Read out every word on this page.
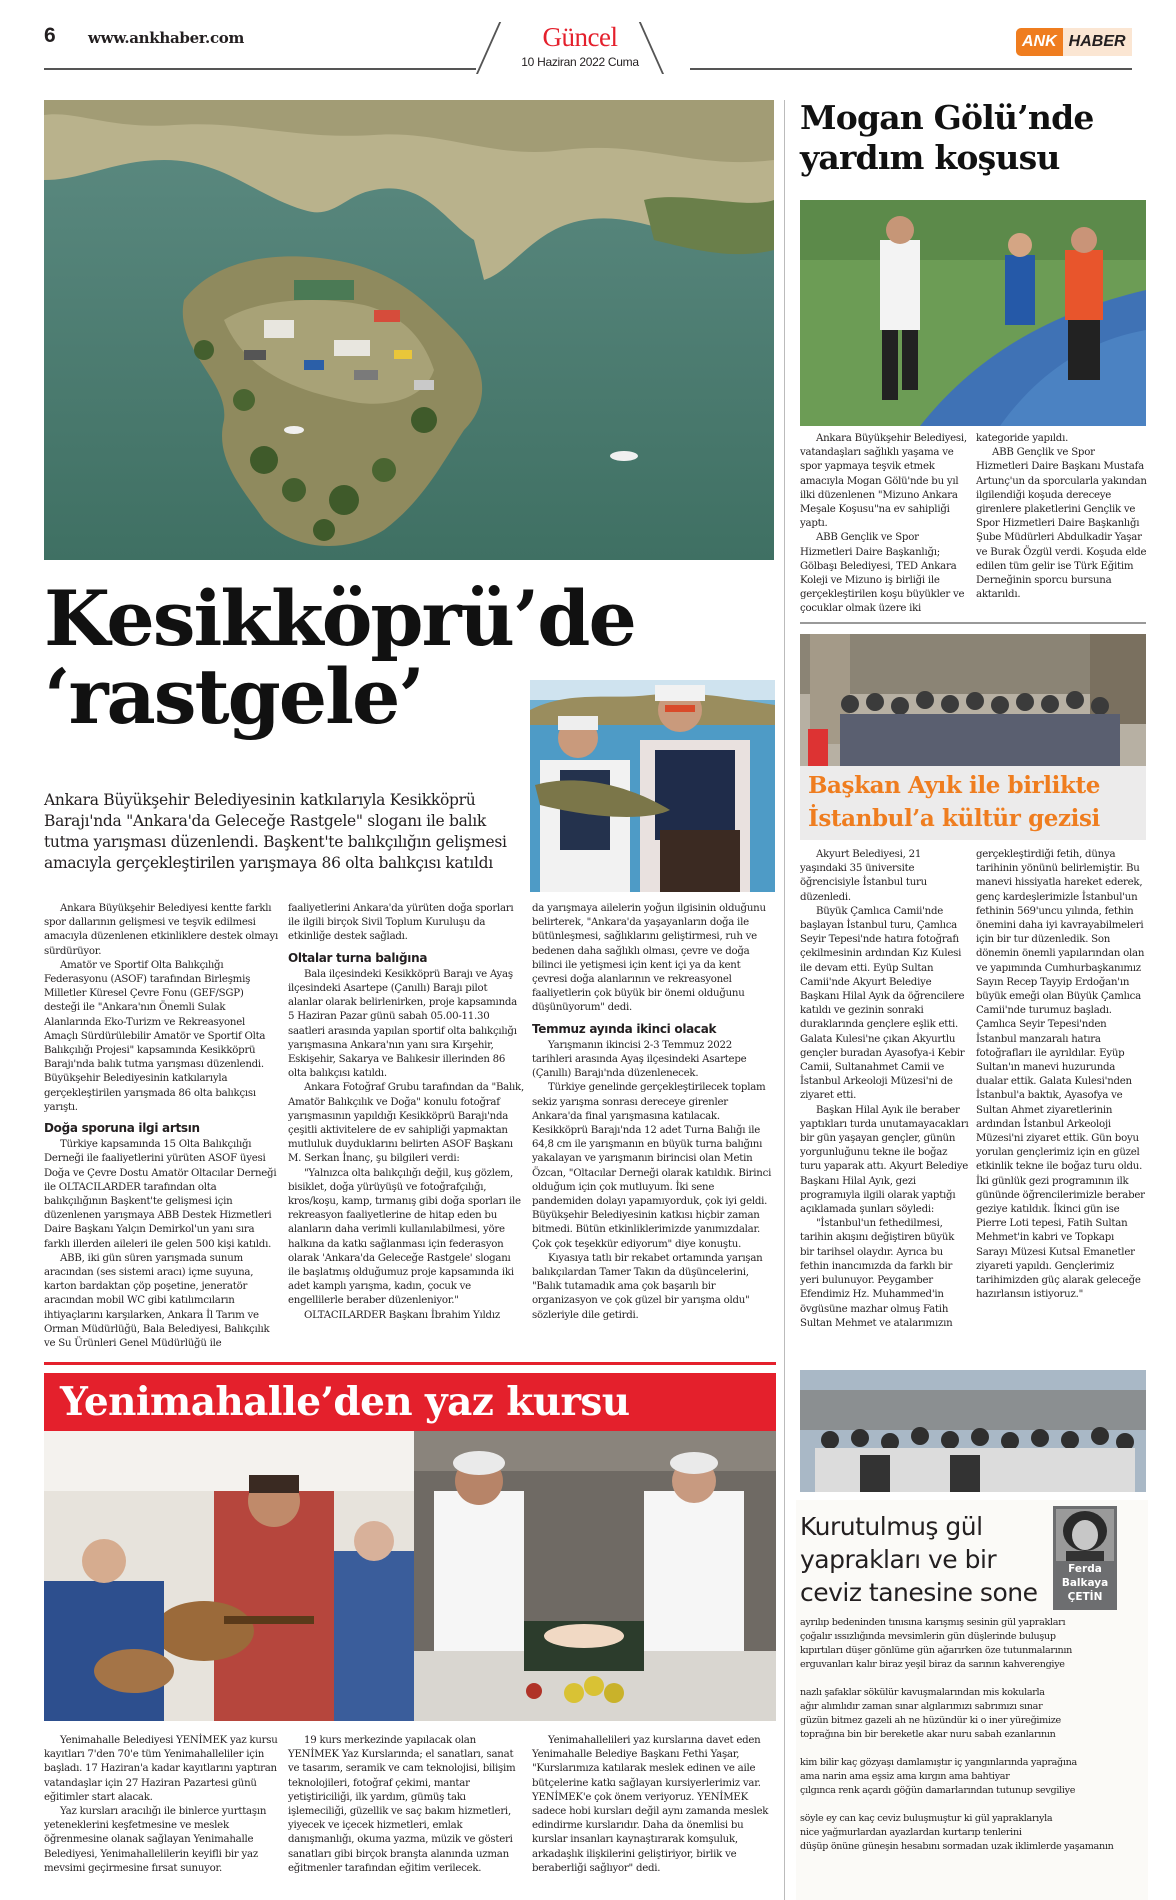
6 www.ankhaber.com	Güncel
10 Haziran 2022 Cuma
ANK HABER
Kesikköprü’de
‘rastgele’
Ankara Büyükşehir Belediyesinin katkılarıyla Kesikköprü Barajı'nda "Ankara'da Geleceğe Rastgele" sloganı ile balık tutma yarışması düzenlendi. Başkent'te balıkçılığın gelişmesi amacıyla gerçekleştirilen yarışmaya 86 olta balıkçısı katıldı

Ankara Büyükşehir Belediyesi kentte farklı spor dallarının gelişmesi ve teşvik edilmesi amacıyla düzenlenen etkinliklere destek olmayı sürdürüyor.

Amatör ve Sportif Olta Balıkçılığı Federasyonu (ASOF) tarafından Birleşmiş Milletler Küresel Çevre Fonu (GEF/SGP) desteği ile "Ankara'nın Önemli Sulak Alanlarında Eko-Turizm ve Rekreasyonel Amaçlı Sürdürülebilir Amatör ve Sportif Olta Balıkçılığı Projesi" kapsamında Kesikköprü Barajı'nda balık tutma yarışması düzenlendi. Büyükşehir Belediyesinin katkılarıyla gerçekleştirilen yarışmada 86 olta balıkçısı yarıştı.

Doğa sporuna ilgi artsın

Türkiye kapsamında 15 Olta Balıkçılığı Derneği ile faaliyetlerini yürüten ASOF üyesi Doğa ve Çevre Dostu Amatör Oltacılar Derneği ile OLTACILARDER tarafından olta balıkçılığının Başkent'te gelişmesi için düzenlenen yarışmaya ABB Destek Hizmetleri Daire Başkanı Yalçın Demirkol'un yanı sıra farklı illerden aileleri ile gelen 500 kişi katıldı.

ABB, iki gün süren yarışmada sunum aracından (ses sistemi aracı) içme suyuna, karton bardaktan çöp poşetine, jeneratör aracından mobil WC gibi katılımcıların ihtiyaçlarını karşılarken, Ankara İl Tarım ve Orman Müdürlüğü, Bala Belediyesi, Balıkçılık ve Su Ürünleri Genel Müdürlüğü ile

faaliyetlerini Ankara'da yürüten doğa sporları ile ilgili birçok Sivil Toplum Kuruluşu da etkinliğe destek sağladı.

Oltalar turna balığına

Bala ilçesindeki Kesikköprü Barajı ve Ayaş ilçesindeki Asartepe (Çanıllı) Barajı pilot alanlar olarak belirlenirken, proje kapsamında 5 Haziran Pazar günü sabah 05.00-11.30 saatleri arasında yapılan sportif olta balıkçılığı yarışmasına Ankara'nın yanı sıra Kırşehir, Eskişehir, Sakarya ve Balıkesir illerinden 86 olta balıkçısı katıldı.

Ankara Fotoğraf Grubu tarafından da "Balık, Amatör Balıkçılık ve Doğa" konulu fotoğraf yarışmasının yapıldığı Kesikköprü Barajı'nda çeşitli aktivitelere de ev sahipliği yapmaktan mutluluk duyduklarını belirten ASOF Başkanı M. Serkan İnanç, şu bilgileri verdi:

"Yalnızca olta balıkçılığı değil, kuş gözlem, bisiklet, doğa yürüyüşü ve fotoğrafçılığı, kros/koşu, kamp, tırmanış gibi doğa sporları ile rekreasyon faaliyetlerine de hitap eden bu alanların daha verimli kullanılabilmesi, yöre halkına da katkı sağlanması için federasyon olarak 'Ankara'da Geleceğe Rastgele' sloganı ile başlatmış olduğumuz proje kapsamında iki adet kamplı yarışma, kadın, çocuk ve engellilerle beraber düzenleniyor."

OLTACILARDER Başkanı İbrahim Yıldız

da yarışmaya ailelerin yoğun ilgisinin olduğunu belirterek, "Ankara'da yaşayanların doğa ile bütünleşmesi, sağlıklarını geliştirmesi, ruh ve bedenen daha sağlıklı olması, çevre ve doğa bilinci ile yetişmesi için kent içi ya da kent çevresi doğa alanlarının ve rekreasyonel faaliyetlerin çok büyük bir önemi olduğunu düşünüyorum" dedi.

Temmuz ayında ikinci olacak

Yarışmanın ikincisi 2-3 Temmuz 2022 tarihleri arasında Ayaş ilçesindeki Asartepe (Çanıllı) Barajı'nda düzenlenecek.

Türkiye genelinde gerçekleştirilecek toplam sekiz yarışma sonrası dereceye girenler Ankara'da final yarışmasına katılacak. Kesikköprü Barajı'nda 12 adet Turna Balığı ile 64,8 cm ile yarışmanın en büyük turna balığını yakalayan ve yarışmanın birincisi olan Metin Özcan, "Oltacılar Derneği olarak katıldık. Birinci olduğum için çok mutluyum. İki sene pandemiden dolayı yapamıyorduk, çok iyi geldi. Büyükşehir Belediyesinin katkısı hiçbir zaman bitmedi. Bütün etkinliklerimizde yanımızdalar. Çok çok teşekkür ediyorum" diye konuştu.

Kıyasıya tatlı bir rekabet ortamında yarışan balıkçılardan Tamer Takın da düşüncelerini, "Balık tutamadık ama çok başarılı bir organizasyon ve çok güzel bir yarışma oldu" sözleriyle dile getirdi.

Yenimahalle’den yaz kursu

Yenimahalle Belediyesi YENİMEK yaz kursu kayıtları 7'den 70'e tüm Yenimahalleliler için başladı. 17 Haziran'a kadar kayıtlarını yaptıran vatandaşlar için 27 Haziran Pazartesi günü eğitimler start alacak.

Yaz kursları aracılığı ile binlerce yurttaşın yeteneklerini keşfetmesine ve meslek öğrenmesine olanak sağlayan Yenimahalle Belediyesi, Yenimahallelilerin keyifli bir yaz mevsimi geçirmesine fırsat sunuyor.

19 kurs merkezinde yapılacak olan YENİMEK Yaz Kurslarında; el sanatları, sanat ve tasarım, seramik ve cam teknolojisi, bilişim teknolojileri, fotoğraf çekimi, mantar yetiştiriciliği, ilk yardım, gümüş takı işlemeciliği, güzellik ve saç bakım hizmetleri, yiyecek ve içecek hizmetleri, emlak danışmanlığı, okuma yazma, müzik ve gösteri sanatları gibi birçok branşta alanında uzman eğitmenler tarafından eğitim verilecek.

Yenimahallelileri yaz kurslarına davet eden Yenimahalle Belediye Başkanı Fethi Yaşar, "Kurslarımıza katılarak meslek edinen ve aile bütçelerine katkı sağlayan kursiyerlerimiz var. YENİMEK'e çok önem veriyoruz. YENİMEK sadece hobi kursları değil aynı zamanda meslek edindirme kurslarıdır. Daha da önemlisi bu kurslar insanları kaynaştırarak komşuluk, arkadaşlık ilişkilerini geliştiriyor, birlik ve beraberliği sağlıyor" dedi.

Mogan Gölü’nde
yardım koşusu

Ankara Büyükşehir Belediyesi, vatandaşları sağlıklı yaşama ve spor yapmaya teşvik etmek amacıyla Mogan Gölü'nde bu yıl ilki düzenlenen "Mizuno Ankara Meşale Koşusu"na ev sahipliği yaptı.

ABB Gençlik ve Spor Hizmetleri Daire Başkanlığı; Gölbaşı Belediyesi, TED Ankara Koleji ve Mizuno iş birliği ile gerçekleştirilen koşu büyükler ve çocuklar olmak üzere iki

kategoride yapıldı.

ABB Gençlik ve Spor Hizmetleri Daire Başkanı Mustafa Artunç'un da sporcularla yakından ilgilendiği koşuda dereceye girenlere plaketlerini Gençlik ve Spor Hizmetleri Daire Başkanlığı Şube Müdürleri Abdulkadir Yaşar ve Burak Özgül verdi. Koşuda elde edilen tüm gelir ise Türk Eğitim Derneğinin sporcu bursuna aktarıldı.

Başkan Ayık ile birlikte
İstanbul’a kültür gezisi

Akyurt Belediyesi, 21 yaşındaki 35 üniversite öğrencisiyle İstanbul turu düzenledi.

Büyük Çamlıca Camii'nde başlayan İstanbul turu, Çamlıca Seyir Tepesi'nde hatıra fotoğrafı çekilmesinin ardından Kız Kulesi ile devam etti. Eyüp Sultan Camii'nde Akyurt Belediye Başkanı Hilal Ayık da öğrencilere katıldı ve gezinin sonraki duraklarında gençlere eşlik etti. Galata Kulesi'ne çıkan Akyurtlu gençler buradan Ayasofya-i Kebir Camii, Sultanahmet Camii ve İstanbul Arkeoloji Müzesi'ni de ziyaret etti.

Başkan Hilal Ayık ile beraber yaptıkları turda unutamayacakları bir gün yaşayan gençler, günün yorgunluğunu tekne ile boğaz turu yaparak attı. Akyurt Belediye Başkanı Hilal Ayık, gezi programıyla ilgili olarak yaptığı açıklamada şunları söyledi:

"İstanbul'un fethedilmesi, tarihin akışını değiştiren büyük bir tarihsel olaydır. Ayrıca bu fethin inancımızda da farklı bir yeri bulunuyor. Peygamber Efendimiz Hz. Muhammed'in övgüsüne mazhar olmuş Fatih Sultan Mehmet ve atalarımızın

gerçekleştirdiği fetih, dünya tarihinin yönünü belirlemiştir. Bu manevi hissiyatla hareket ederek, genç kardeşlerimizle İstanbul'un fethinin 569'uncu yılında, fethin önemini daha iyi kavrayabilmeleri için bir tur düzenledik. Son dönemin önemli yapılarından olan ve yapımında Cumhurbaşkanımız Sayın Recep Tayyip Erdoğan'ın büyük emeği olan Büyük Çamlıca Camii'nde turumuz başladı. Çamlıca Seyir Tepesi'nden İstanbul manzaralı hatıra fotoğrafları ile ayrıldılar. Eyüp Sultan'ın manevi huzurunda dualar ettik. Galata Kulesi'nden İstanbul'a baktık, Ayasofya ve Sultan Ahmet ziyaretlerinin ardından İstanbul Arkeoloji Müzesi'ni ziyaret ettik. Gün boyu yorulan gençlerimiz için en güzel etkinlik tekne ile boğaz turu oldu. İki günlük gezi programının ilk gününde öğrencilerimizle beraber geziye katıldık. İkinci gün ise Pierre Loti tepesi, Fatih Sultan Mehmet'in kabri ve Topkapı Sarayı Müzesi Kutsal Emanetler ziyareti yapıldı. Gençlerimiz tarihimizden güç alarak geleceğe hazırlansın istiyoruz."

Kurutulmuş gül yaprakları ve bir ceviz tanesine sone
Ferda
Balkaya
ÇETİN
ayrılıp bedeninden tınısına karışmış sesinin gül yaprakları
çoğalır ıssızlığında mevsimlerin gün düşlerinde buluşup
kıpırtıları düşer gönlüme gün ağarırken öze tutunmalarının
erguvanları kalır biraz yeşil biraz da sarının kahverengiye
nazlı şafaklar sökülür kavuşmalarından mis kokularla
ağır alımlıdır zaman sınar algılarımızı sabrımızı sınar
güzün bitmez gazeli ah ne hüzündür ki o iner yüreğimize
toprağına bin bir bereketle akar nuru sabah ezanlarının
kim bilir kaç gözyaşı damlamıştır iç yangınlarında yaprağına
ama narin ama eşsiz ama kırgın ama bahtiyar
çılgınca renk açardı göğün damarlarından tutunup sevgiliye
söyle ey can kaç ceviz buluşmuştur ki gül yapraklarıyla
nice yağmurlardan ayazlardan kurtarıp tenlerini
düşüp önüne güneşin hesabını sormadan uzak iklimlerde yaşamanın
